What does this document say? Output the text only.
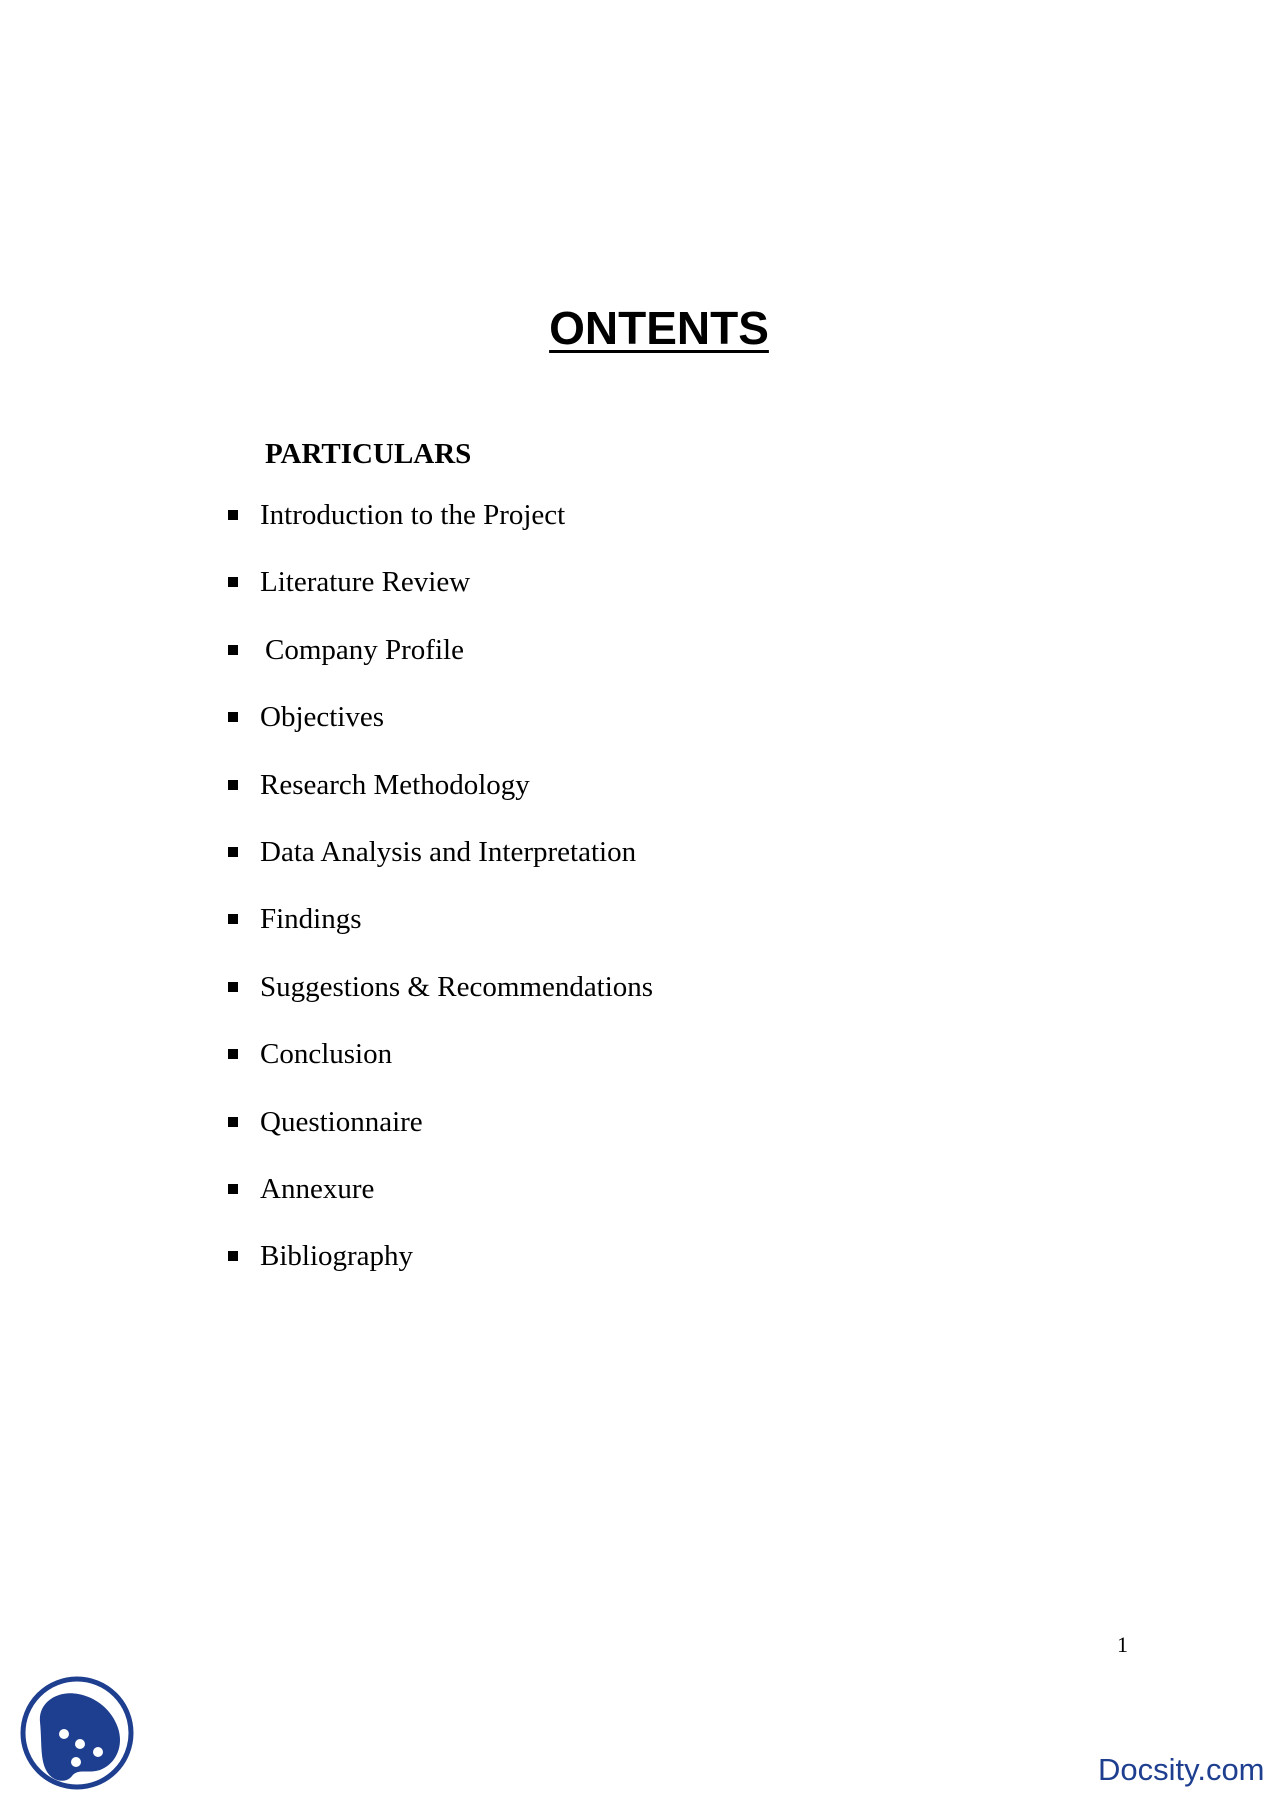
ONTENTS
PARTICULARS
Introduction to the Project
Literature Review
Company Profile
Objectives
Research Methodology
Data Analysis and Interpretation
Findings
Suggestions & Recommendations
Conclusion
Questionnaire
Annexure
Bibliography
1
Docsity.com
